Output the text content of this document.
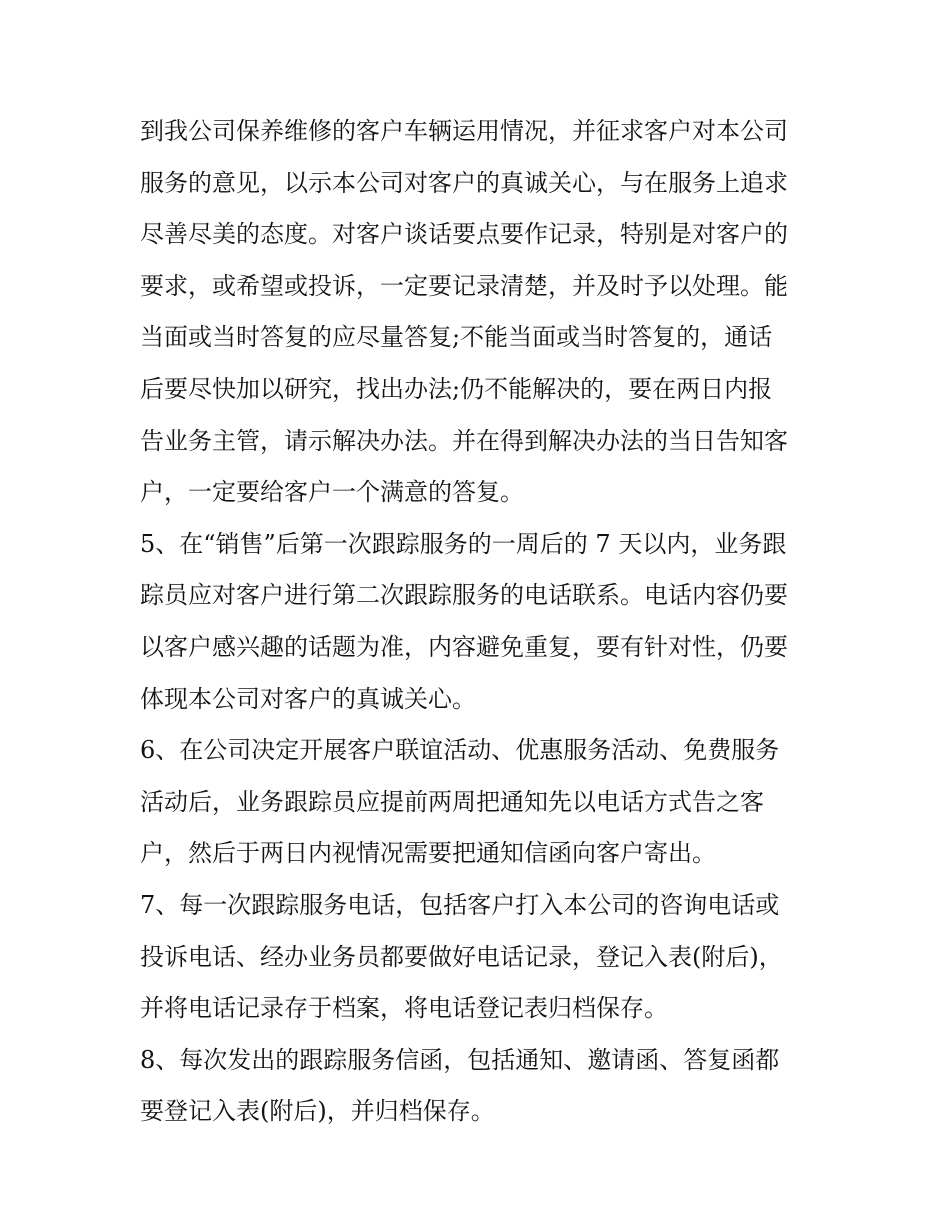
到我公司保养维修的客户车辆运用情况，并征求客户对本公司
服务的意见，以示本公司对客户的真诚关心，与在服务上追求
尽善尽美的态度。对客户谈话要点要作记录，特别是对客户的
要求，或希望或投诉，一定要记录清楚，并及时予以处理。能
当面或当时答复的应尽量答复;不能当面或当时答复的，通话
后要尽快加以研究，找出办法;仍不能解决的，要在两日内报
告业务主管，请示解决办法。并在得到解决办法的当日告知客
户，一定要给客户一个满意的答复。
5、在“销售”后第一次跟踪服务的一周后的 7 天以内，业务跟
踪员应对客户进行第二次跟踪服务的电话联系。电话内容仍要
以客户感兴趣的话题为准，内容避免重复，要有针对性，仍要
体现本公司对客户的真诚关心。
6、在公司决定开展客户联谊活动、优惠服务活动、免费服务
活动后，业务跟踪员应提前两周把通知先以电话方式告之客
户，然后于两日内视情况需要把通知信函向客户寄出。
7、每一次跟踪服务电话，包括客户打入本公司的咨询电话或
投诉电话、经办业务员都要做好电话记录，登记入表(附后)，
并将电话记录存于档案，将电话登记表归档保存。
8、每次发出的跟踪服务信函，包括通知、邀请函、答复函都
要登记入表(附后)，并归档保存。
